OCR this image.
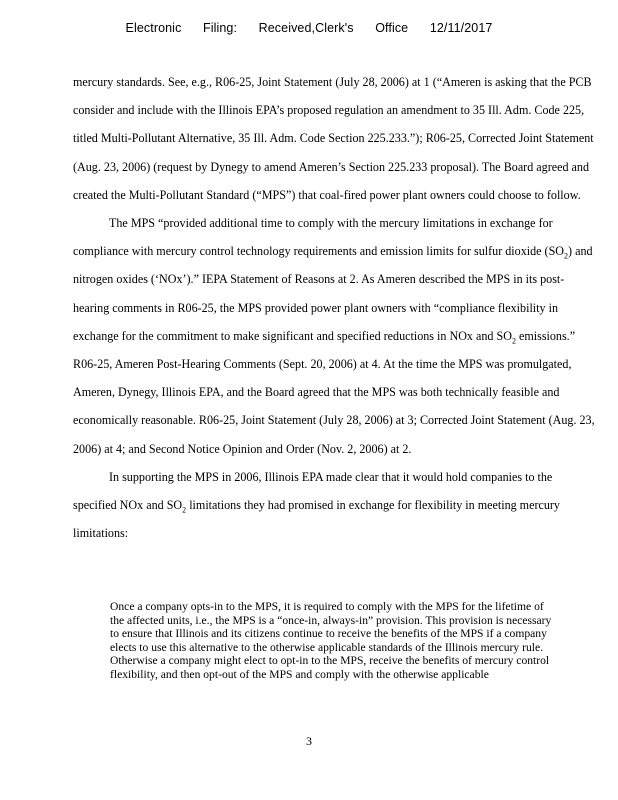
Electronic Filing: Received,Clerk's Office 12/11/2017

mercury standards. See, e.g., R06-25, Joint Statement (July 28, 2006) at 1 (“Ameren is asking that the PCB consider and include with the Illinois EPA’s proposed regulation an amendment to 35 Ill. Adm. Code 225, titled Multi-Pollutant Alternative, 35 Ill. Adm. Code Section 225.233.”); R06-25, Corrected Joint Statement (Aug. 23, 2006) (request by Dynegy to amend Ameren’s Section 225.233 proposal). The Board agreed and created the Multi-Pollutant Standard (“MPS”) that coal-fired power plant owners could choose to follow.

The MPS “provided additional time to comply with the mercury limitations in exchange for compliance with mercury control technology requirements and emission limits for sulfur dioxide $(SO_2)$ and nitrogen oxides (‘NOx’).” IEPA Statement of Reasons at 2. As Ameren described the MPS in its post-hearing comments in R06-25, the MPS provided power plant owners with “compliance flexibility in exchange for the commitment to make significant and specified reductions in NOx and $SO_2$ emissions.” R06-25, Ameren Post-Hearing Comments (Sept. 20, 2006) at 4. At the time the MPS was promulgated, Ameren, Dynegy, Illinois EPA, and the Board agreed that the MPS was both technically feasible and economically reasonable. R06-25, Joint Statement (July 28, 2006) at 3; Corrected Joint Statement (Aug. 23, 2006) at 4; and Second Notice Opinion and Order (Nov. 2, 2006) at 2.

In supporting the MPS in 2006, Illinois EPA made clear that it would hold companies to the specified NOx and $SO_2$ limitations they had promised in exchange for flexibility in meeting mercury limitations:

Once a company opts-in to the MPS, it is required to comply with the MPS for the lifetime of the affected units, i.e., the MPS is a “once-in, always-in” provision. This provision is necessary to ensure that Illinois and its citizens continue to receive the benefits of the MPS if a company elects to use this alternative to the otherwise applicable standards of the Illinois mercury rule. Otherwise a company might elect to opt-in to the MPS, receive the benefits of mercury control flexibility, and then opt-out of the MPS and comply with the otherwise applicable

3
